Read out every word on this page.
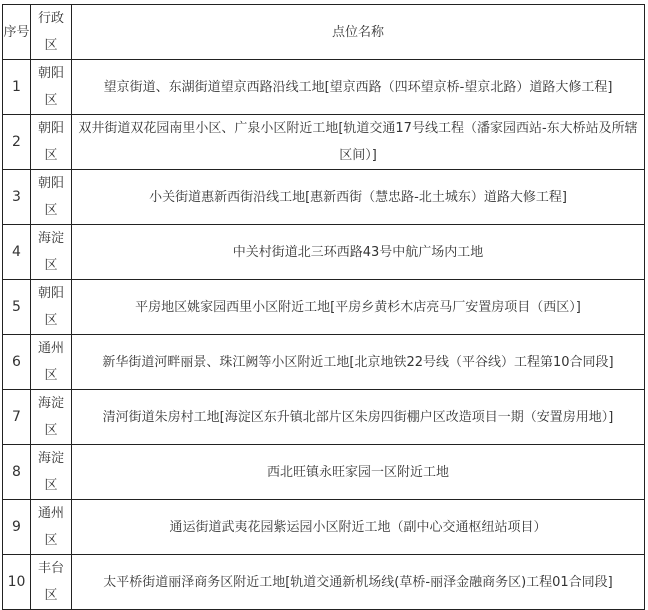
序号	行政区	点位名称
1	朝阳区	望京街道、东湖街道望京西路沿线工地[望京西路（四环望京桥-望京北路）道路大修工程]
2	朝阳区	双井街道双花园南里小区、广泉小区附近工地[轨道交通17号线工程（潘家园西站-东大桥站及所辖区间）]
3	朝阳区	小关街道惠新西街沿线工地[惠新西街（慧忠路-北土城东）道路大修工程]
4	海淀区	中关村街道北三环西路43号中航广场内工地
5	朝阳区	平房地区姚家园西里小区附近工地[平房乡黄杉木店亮马厂安置房项目（西区）]
6	通州区	新华街道河畔丽景、珠江阙等小区附近工地[北京地铁22号线（平谷线）工程第10合同段]
7	海淀区	清河街道朱房村工地[海淀区东升镇北部片区朱房四街棚户区改造项目一期（安置房用地）]
8	海淀区	西北旺镇永旺家园一区附近工地
9	通州区	通运街道武夷花园紫运园小区附近工地（副中心交通枢纽站项目）
10	丰台区	太平桥街道丽泽商务区附近工地[轨道交通新机场线(草桥-丽泽金融商务区)工程01合同段]
